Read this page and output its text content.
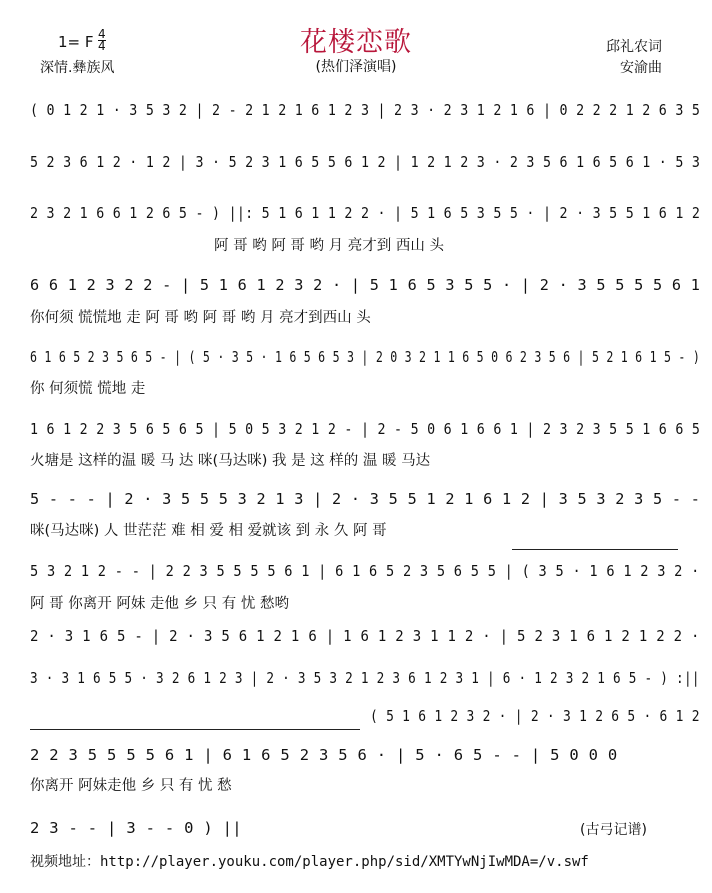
花楼恋歌
(热们泽演唱)
1= F $\frac{4}{4}$
深情.彝族风
邱礼农词
安渝曲
( 0 1 2 1 · 3 5 3 2 | 2 - 2 1 2 1 6 1 2 3 | 2 3 · 2 3 1 2 1 6 | 0 2 2 2 1 2 6 3 5
5 2 3 6 1 2 · 1 2 | 3 · 5 2 3 1 6 5 5 6 1 2 | 1 2 1 2 3 · 2 3 5 6 1 6 5 6 1 · 5 3
2 3 2 1 6 6 1 2 6 5 - ) ||: 5 1 6 1 1 2 2 · | 5 1 6 5 3 5 5 · | 2 · 3 5 5 1 6 1 2
阿 哥 哟 阿 哥 哟 月 亮才到 西山 头
6 6 1 2 3 2 2 - | 5 1 6 1 2 3 2 · | 5 1 6 5 3 5 5 · | 2 · 3 5 5 5 5 6 1
你何须 慌慌地 走 阿 哥 哟 阿 哥 哟 月 亮才到西山 头
6 1 6 5 2 3 5 6 5 - | ( 5 · 3 5 · 1 6 5 6 5 3 | 2 0 3 2 1 1 6 5 0 6 2 3 5 6 | 5 2 1 6 1 5 - )
你 何须慌 慌地 走
1 6 1 2 2 3 5 6 5 6 5 | 5 0 5 3 2 1 2 - | 2 - 5 0 6 1 6 6 1 | 2 3 2 3 5 5 1 6 6 5
火塘是 这样的温 暖 马 达 咪(马达咪) 我 是 这 样的 温 暖 马达
5 - - - | 2 · 3 5 5 5 3 2 1 3 | 2 · 3 5 5 1 2 1 6 1 2 | 3 5 3 2 3 5 - -
咪(马达咪) 人 世茫茫 难 相 爱 相 爱就该 到 永 久 阿 哥
5 3 2 1 2 - - | 2 2 3 5 5 5 5 6 1 | 6 1 6 5 2 3 5 6 5 5 | ( 3 5 · 1 6 1 2 3 2 ·
阿 哥 你离开 阿妹 走他 乡 只 有 忧 愁哟
2 · 3 1 6 5 - | 2 · 3 5 6 1 2 1 6 | 1 6 1 2 3 1 1 2 · | 5 2 3 1 6 1 2 1 2 2 ·
3 · 3 1 6 5 5 · 3 2 6 1 2 3 | 2 · 3 5 3 2 1 2 3 6 1 2 3 1 | 6 · 1 2 3 2 1 6 5 - ) :||
( 5 1 6 1 2 3 2 · | 2 · 3 1 2 6 5 · 6 1 2
2 2 3 5 5 5 5 6 1 | 6 1 6 5 2 3 5 6 · | 5 · 6 5 - - | 5 0 0 0
你离开 阿妹走他 乡 只 有 忧 愁
2 3 - - | 3 - - 0 ) ||	(古弓记谱)
视频地址：http://player.youku.com/player.php/sid/XMTYwNjIwMDA=/v.swf
